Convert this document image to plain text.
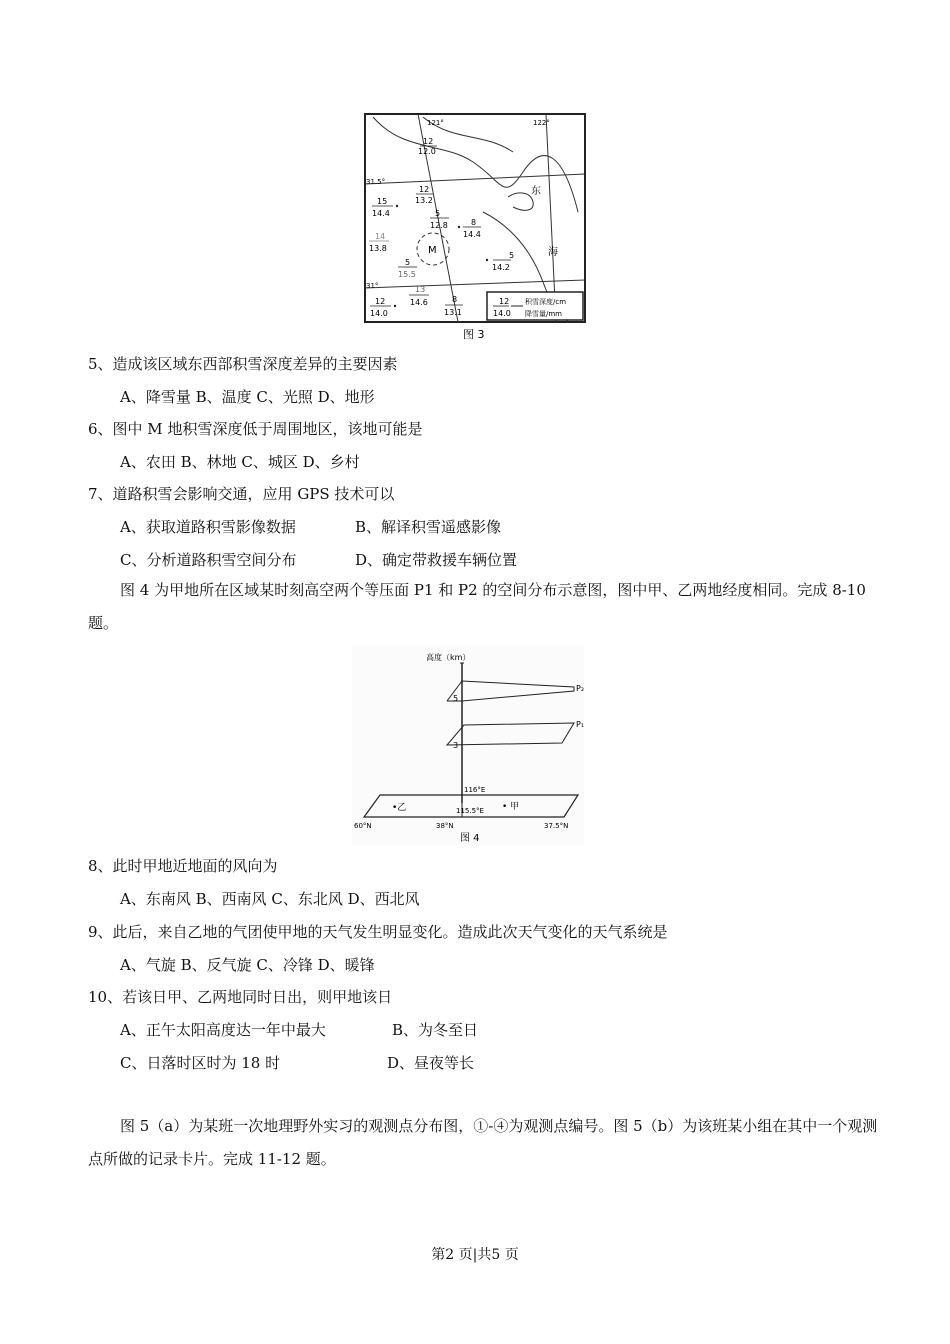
121°	122°
31.5°
31°
东
海
M
12
12.0
12
13.2
15
14.4	5
12.8	8
14.4
14
13.8
5
15.5
5
14.2
12
14.0
13
14.6	8
13.1
12
14.0
积雪深度/cm
降雪量/mm
图 3
5、造成该区域东西部积雪深度差异的主要因素
A、降雪量 B、温度 C、光照 D、地形
6、图中 M 地积雪深度低于周围地区，该地可能是
A、农田 B、林地 C、城区 D、乡村
7、道路积雪会影响交通，应用 GPS 技术可以
A、获取道路积雪影像数据	B、解译积雪遥感影像
C、分析道路积雪空间分布	D、确定带救援车辆位置
图 4 为甲地所在区域某时刻高空两个等压面 P1 和 P2 的空间分布示意图，图中甲、乙两地经度相同。完成 8-10 题。
高度（km）
5
3
P₂
P₁
116°E
115.5°E
•乙	• 甲
60°N	38°N	37.5°N
图 4
8、此时甲地近地面的风向为
A、东南风 B、西南风 C、东北风 D、西北风
9、此后，来自乙地的气团使甲地的天气发生明显变化。造成此次天气变化的天气系统是
A、气旋 B、反气旋 C、冷锋 D、暖锋
10、若该日甲、乙两地同时日出，则甲地该日
A、正午太阳高度达一年中最大	B、为冬至日
C、日落时区时为 18 时	D、昼夜等长
图 5（a）为某班一次地理野外实习的观测点分布图，①-④为观测点编号。图 5（b）为该班某小组在其中一个观测点所做的记录卡片。完成 11-12 题。
第2 页|共5 页
